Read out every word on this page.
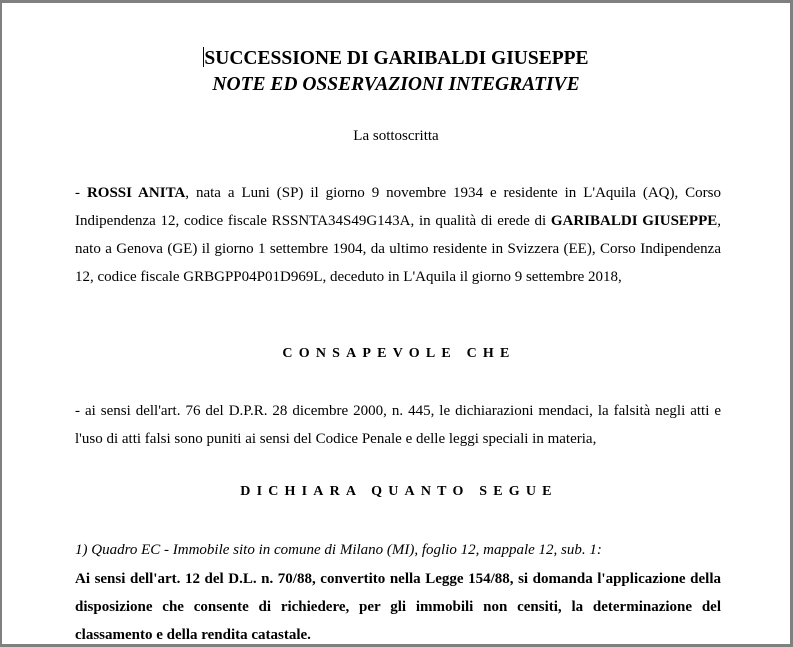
SUCCESSIONE DI GARIBALDI GIUSEPPE
NOTE ED OSSERVAZIONI INTEGRATIVE
La sottoscritta
- ROSSI ANITA, nata a Luni (SP) il giorno 9 novembre 1934 e residente in L'Aquila (AQ), Corso Indipendenza 12, codice fiscale RSSNTA34S49G143A, in qualità di erede di GARIBALDI GIUSEPPE, nato a Genova (GE) il giorno 1 settembre 1904, da ultimo residente in Svizzera (EE), Corso Indipendenza 12, codice fiscale GRBGPP04P01D969L, deceduto in L'Aquila il giorno 9 settembre 2018,
CONSAPEVOLE CHE
- ai sensi dell'art. 76 del D.P.R. 28 dicembre 2000, n. 445, le dichiarazioni mendaci, la falsità negli atti e l'uso di atti falsi sono puniti ai sensi del Codice Penale e delle leggi speciali in materia,
DICHIARA QUANTO SEGUE
1) Quadro EC - Immobile sito in comune di Milano (MI), foglio 12, mappale 12, sub. 1:
Ai sensi dell'art. 12 del D.L. n. 70/88, convertito nella Legge 154/88, si domanda l'applicazione della disposizione che consente di richiedere, per gli immobili non censiti, la determinazione del classamento e della rendita catastale.
